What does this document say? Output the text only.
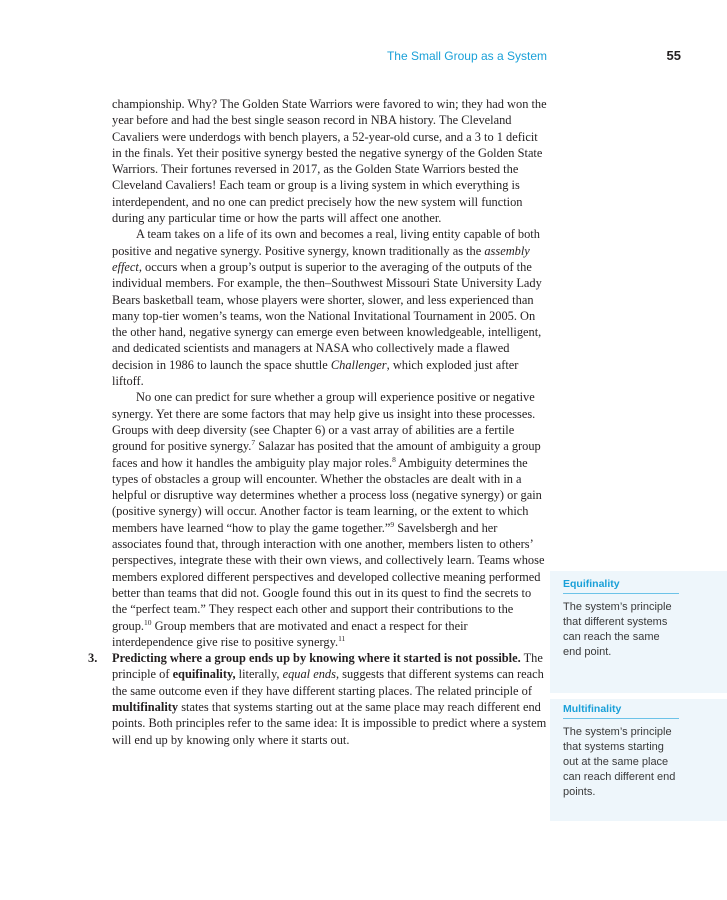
The Small Group as a System	55

championship. Why? The Golden State Warriors were favored to win; they had won the year before and had the best single season record in NBA history. The Cleveland Cavaliers were underdogs with bench players, a 52-year-old curse, and a 3 to 1 deficit in the finals. Yet their positive synergy bested the negative synergy of the Golden State Warriors. Their fortunes reversed in 2017, as the Golden State Warriors bested the Cleveland Cavaliers! Each team or group is a living system in which everything is interdependent, and no one can predict precisely how the new system will function during any particular time or how the parts will affect one another.

A team takes on a life of its own and becomes a real, living entity capable of both positive and negative synergy. Positive synergy, known traditionally as the assembly effect, occurs when a group’s output is superior to the averaging of the outputs of the individual members. For example, the then–Southwest Missouri State University Lady Bears basketball team, whose players were shorter, slower, and less experienced than many top-tier women’s teams, won the National Invitational Tournament in 2005. On the other hand, negative synergy can emerge even between knowledgeable, intelligent, and dedicated scientists and managers at NASA who collectively made a flawed decision in 1986 to launch the space shuttle Challenger, which exploded just after liftoff.

No one can predict for sure whether a group will experience positive or negative synergy. Yet there are some factors that may help give us insight into these processes. Groups with deep diversity (see Chapter 6) or a vast array of abilities are a fertile ground for positive synergy.$^7$ Salazar has posited that the amount of ambiguity a group faces and how it handles the ambiguity play major roles.$^8$ Ambiguity determines the types of obstacles a group will encounter. Whether the obstacles are dealt with in a helpful or disruptive way determines whether a process loss (negative synergy) or gain (positive synergy) will occur. Another factor is team learning, or the extent to which members have learned “how to play the game together.”$^9$ Savelsbergh and her associates found that, through interaction with one another, members listen to others’ perspectives, integrate these with their own views, and collectively learn. Teams whose members explored different perspectives and developed collective meaning performed better than teams that did not. Google found this out in its quest to find the secrets to the “perfect team.” They respect each other and support their contributions to the group.$^{10}$ Group members that are motivated and enact a respect for their interdependence give rise to positive synergy.$^{11}$

3. Predicting where a group ends up by knowing where it started is not possible. The principle of equifinality, literally, equal ends, suggests that different systems can reach the same outcome even if they have different starting places. The related principle of multifinality states that systems starting out at the same place may reach different end points. Both principles refer to the same idea: It is impossible to predict where a system will end up by knowing only where it starts out.

Equifinality
The system’s principle that different systems can reach the same end point.
Multifinality
The system’s principle that systems starting out at the same place can reach different end points.
